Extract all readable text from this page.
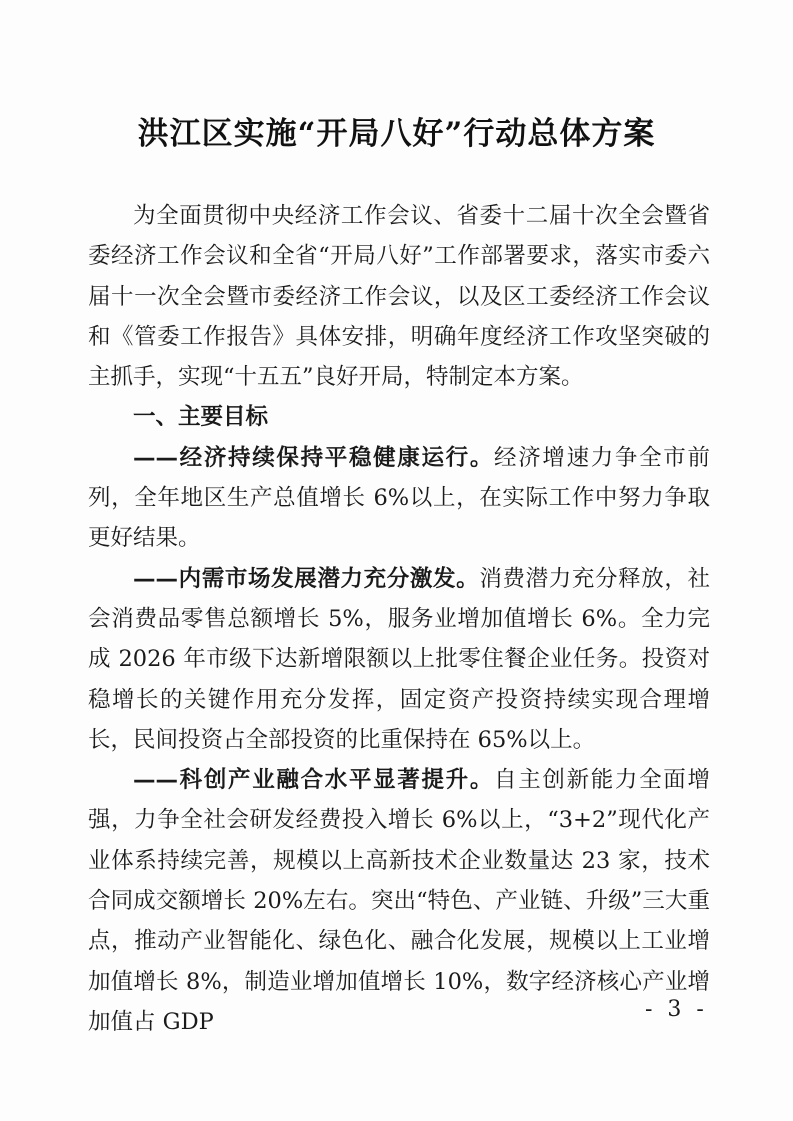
洪江区实施“开局八好”行动总体方案

为全面贯彻中央经济工作会议、省委十二届十次全会暨省委经济工作会议和全省“开局八好”工作部署要求，落实市委六届十一次全会暨市委经济工作会议，以及区工委经济工作会议和《管委工作报告》具体安排，明确年度经济工作攻坚突破的主抓手，实现“十五五”良好开局，特制定本方案。

一、主要目标

——经济持续保持平稳健康运行。经济增速力争全市前列，全年地区生产总值增长 6%以上，在实际工作中努力争取更好结果。

——内需市场发展潜力充分激发。消费潜力充分释放，社会消费品零售总额增长 5%，服务业增加值增长 6%。全力完成 2026 年市级下达新增限额以上批零住餐企业任务。投资对稳增长的关键作用充分发挥，固定资产投资持续实现合理增长，民间投资占全部投资的比重保持在 65%以上。

——科创产业融合水平显著提升。自主创新能力全面增强，力争全社会研发经费投入增长 6%以上，“3+2”现代化产业体系持续完善，规模以上高新技术企业数量达 23 家，技术合同成交额增长 20%左右。突出“特色、产业链、升级”三大重点，推动产业智能化、绿色化、融合化发展，规模以上工业增加值增长 8%，制造业增加值增长 10%，数字经济核心产业增加值占 GDP	- 3 -
